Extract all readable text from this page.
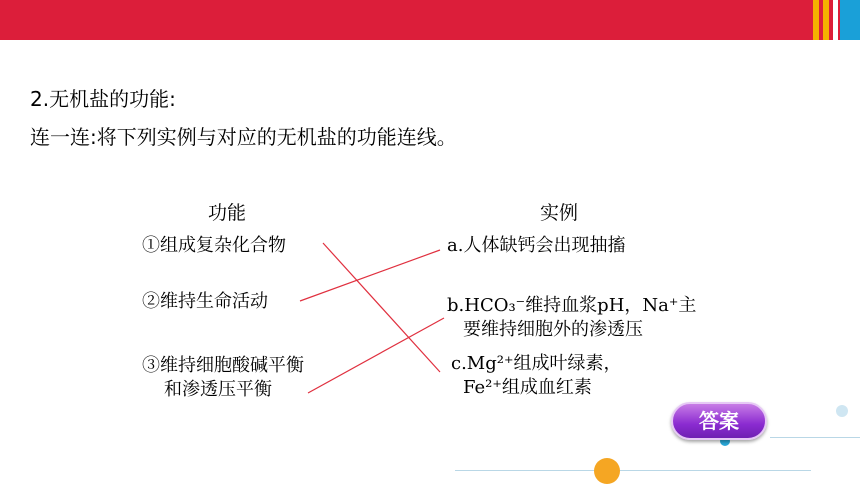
2.无机盐的功能:
连一连:将下列实例与对应的无机盐的功能连线。
功能	实例
①组成复杂化合物
②维持生命活动
③维持细胞酸碱平衡
和渗透压平衡
a.人体缺钙会出现抽搐
b.HCO₃⁻维持血浆pH，Na⁺主
要维持细胞外的渗透压
c.Mg²⁺组成叶绿素，
Fe²⁺组成血红素
答案
